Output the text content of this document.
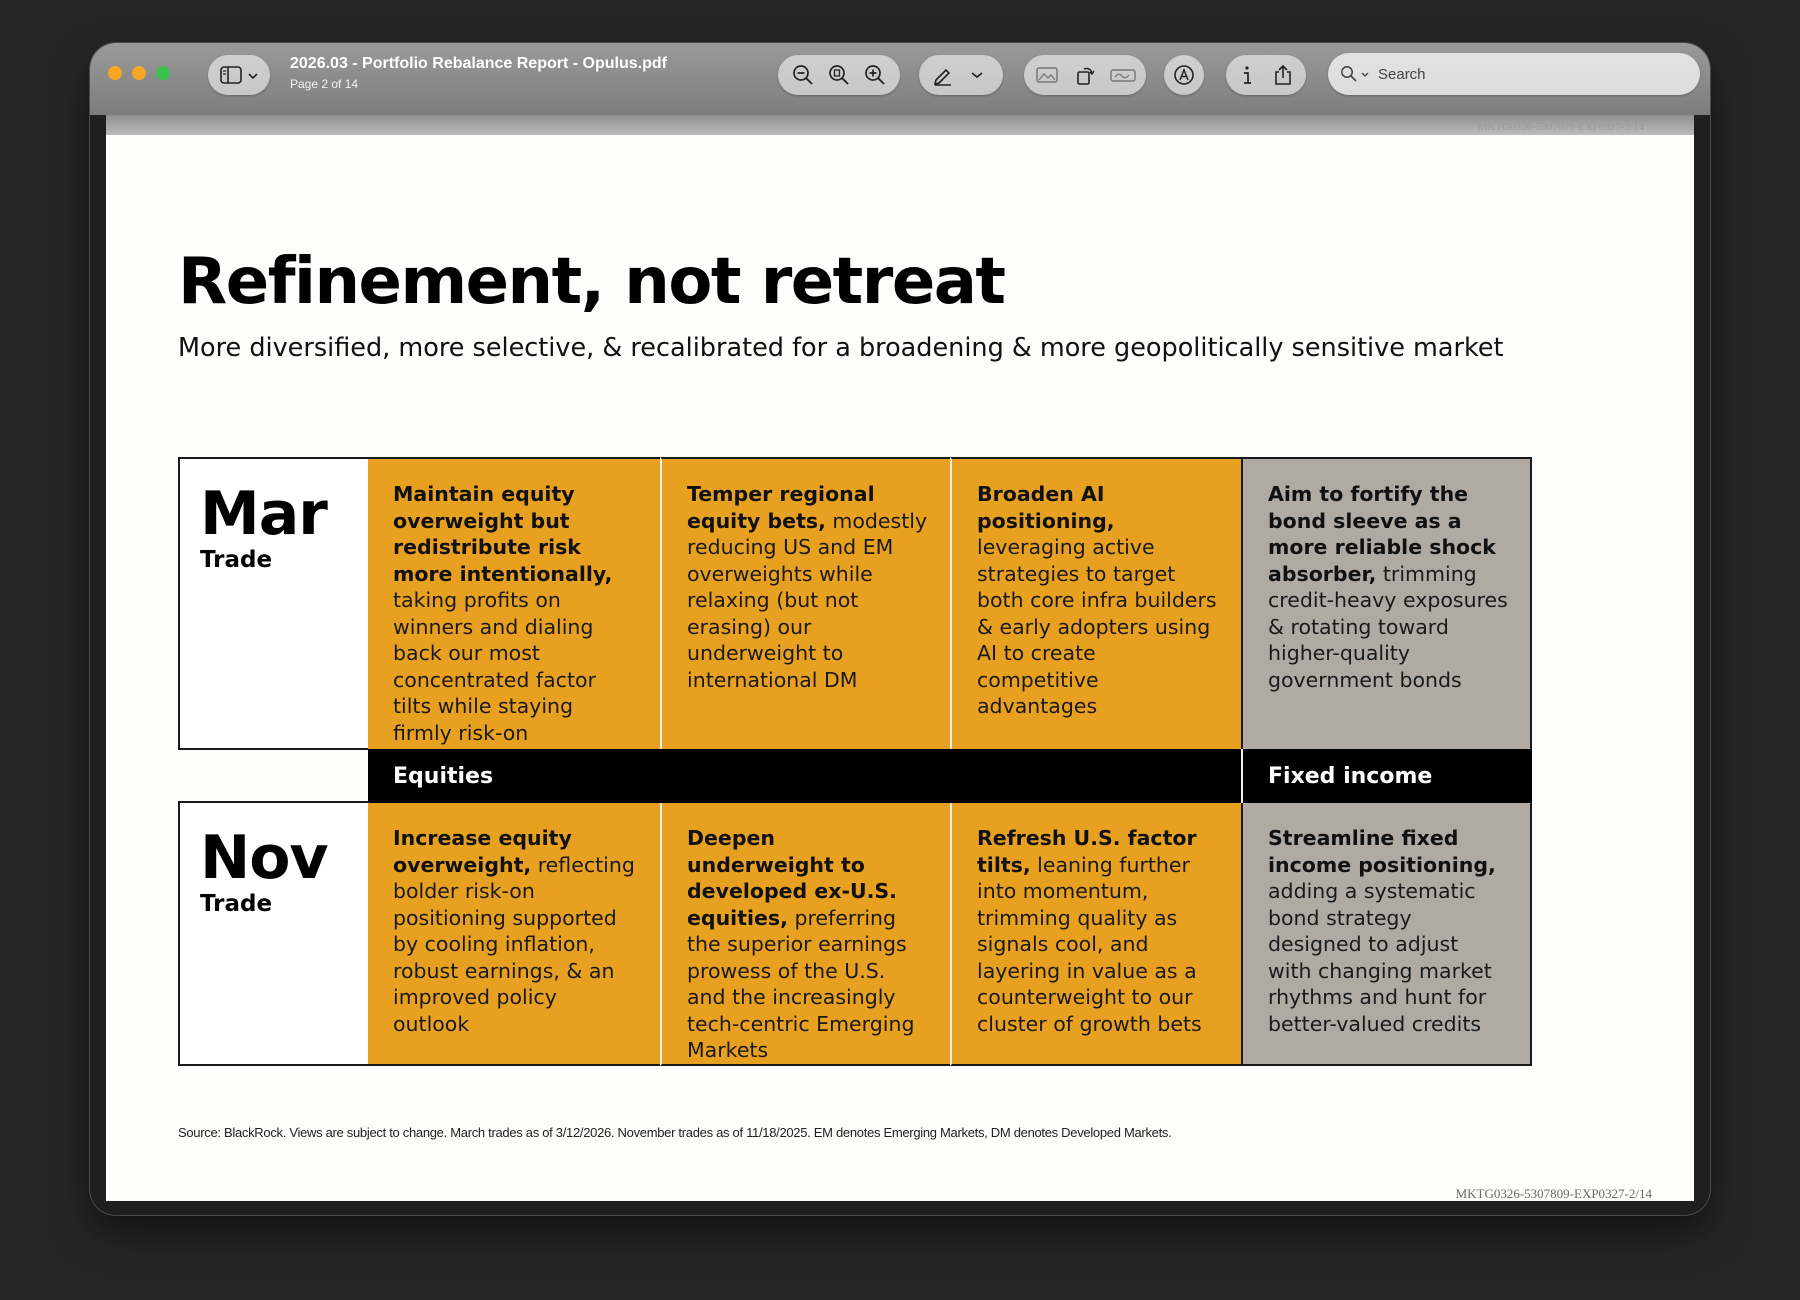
2026.03 - Portfolio Rebalance Report - Opulus.pdf
Page 2 of 14
Search
MKTG0326-5307809-EXP0327-2/14
Refinement, not retreat
More diversified, more selective, & recalibrated for a broadening & more geopolitically sensitive market
Mar
Trade
Maintain equity overweight but redistribute risk more intentionally, taking profits on winners and dialing back our most concentrated factor tilts while staying firmly risk-on
Temper regional equity bets, modestly reducing US and EM overweights while relaxing (but not erasing) our underweight to international DM
Broaden AI positioning, leveraging active strategies to target both core infra builders & early adopters using AI to create competitive advantages
Aim to fortify the bond sleeve as a more reliable shock absorber, trimming credit-heavy exposures & rotating toward higher-quality government bonds
Equities	Fixed income
Nov
Trade
Increase equity overweight, reflecting bolder risk-on positioning supported by cooling inflation, robust earnings, & an improved policy outlook
Deepen underweight to developed ex-U.S. equities, preferring the superior earnings prowess of the U.S. and the increasingly tech-centric Emerging Markets
Refresh U.S. factor tilts, leaning further into momentum, trimming quality as signals cool, and layering in value as a counterweight to our cluster of growth bets
Streamline fixed income positioning, adding a systematic bond strategy designed to adjust with changing market rhythms and hunt for better-valued credits
Source: BlackRock. Views are subject to change. March trades as of 3/12/2026. November trades as of 11/18/2025. EM denotes Emerging Markets, DM denotes Developed Markets.
MKTG0326-5307809-EXP0327-2/14
